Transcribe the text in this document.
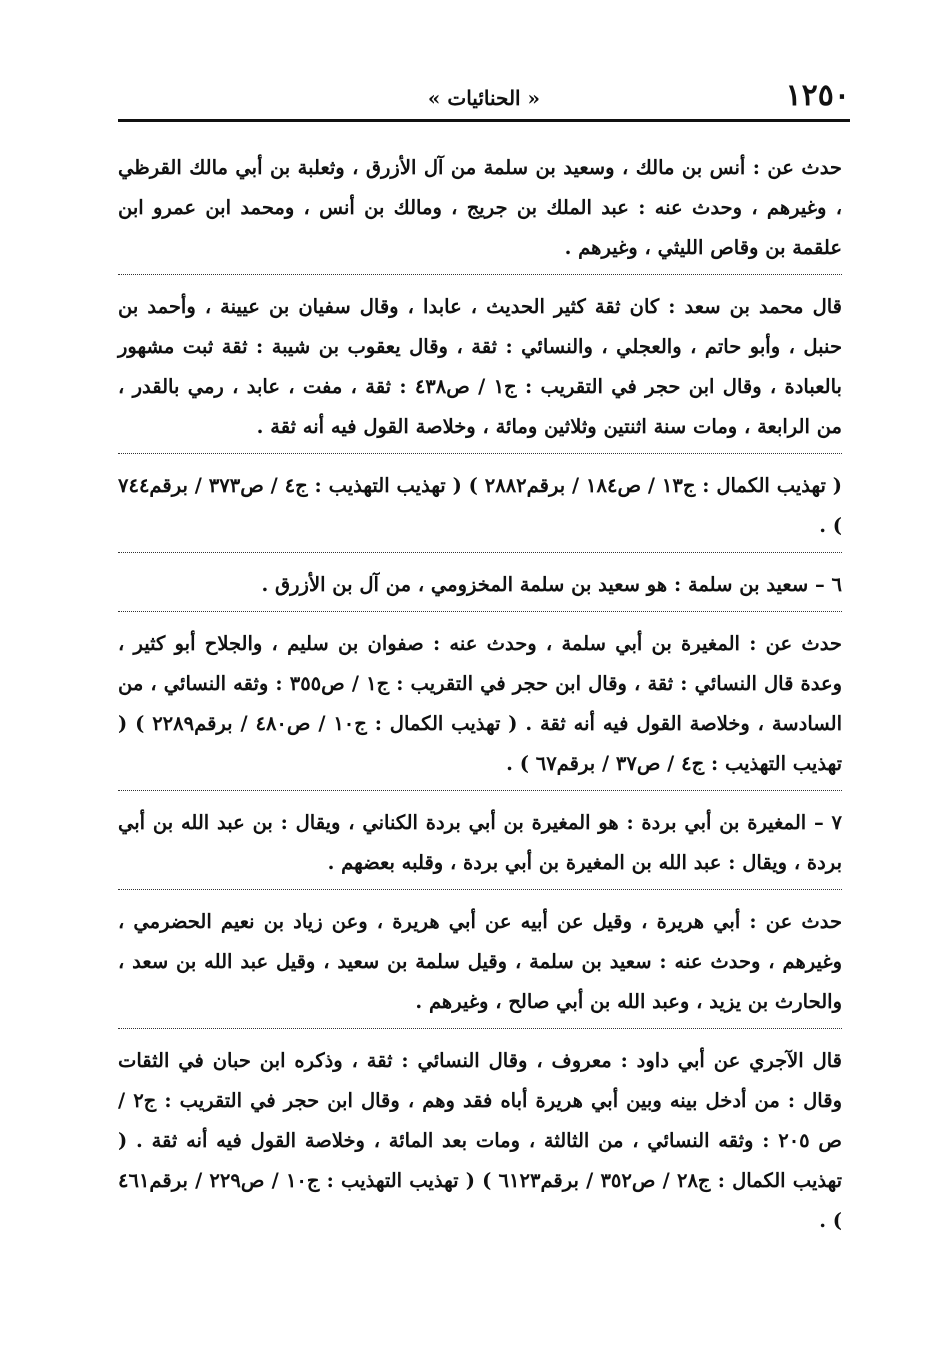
١٢٥٠
« الحنائيات »

حدث عن : أنس بن مالك ، وسعيد بن سلمة من آل الأزرق ، وثعلبة بن أبي مالك القرظي ، وغيرهم ، وحدث عنه : عبد الملك بن جريج ، ومالك بن أنس ، ومحمد ابن عمرو ابن علقمة بن وقاص الليثي ، وغيرهم .

قال محمد بن سعد : كان ثقة كثير الحديث ، عابدا ، وقال سفيان بن عيينة ، وأحمد بن حنبل ، وأبو حاتم ، والعجلي ، والنسائي : ثقة ، وقال يعقوب بن شيبة : ثقة ثبت مشهور بالعبادة ، وقال ابن حجر في التقريب : ج١ / ص٤٣٨ : ثقة ، مفت ، عابد ، رمي بالقدر ، من الرابعة ، ومات سنة اثنتين وثلاثين ومائة ، وخلاصة القول فيه أنه ثقة .

( تهذيب الكمال : ج١٣ / ص١٨٤ / برقم٢٨٨٢ ) ( تهذيب التهذيب : ج٤ / ص٣٧٣ / برقم٧٤٤ ) .

٦ – سعيد بن سلمة : هو سعيد بن سلمة المخزومي ، من آل بن الأزرق .

حدث عن : المغيرة بن أبي سلمة ، وحدث عنه : صفوان بن سليم ، والجلاح أبو كثير ، وعدة قال النسائي : ثقة ، وقال ابن حجر في التقريب : ج١ / ص٣٥٥ : وثقه النسائي ، من السادسة ، وخلاصة القول فيه أنه ثقة . ( تهذيب الكمال : ج١٠ / ص٤٨٠ / برقم٢٢٨٩ ) ( تهذيب التهذيب : ج٤ / ص٣٧ / برقم٦٧ ) .

٧ – المغيرة بن أبي بردة : هو المغيرة بن أبي بردة الكناني ، ويقال : بن عبد الله بن أبي بردة ، ويقال : عبد الله بن المغيرة بن أبي بردة ، وقلبه بعضهم .

حدث عن : أبي هريرة ، وقيل عن أبيه عن أبي هريرة ، وعن زياد بن نعيم الحضرمي ، وغيرهم ، وحدث عنه : سعيد بن سلمة ، وقيل سلمة بن سعيد ، وقيل عبد الله بن سعد ، والحارث بن يزيد ، وعبد الله بن أبي صالح ، وغيرهم .

قال الآجري عن أبي داود : معروف ، وقال النسائي : ثقة ، وذكره ابن حبان في الثقات وقال : من أدخل بينه وبين أبي هريرة أباه فقد وهم ، وقال ابن حجر في التقريب : ج٢ / ص ٢٠٥ : وثقه النسائي ، من الثالثة ، ومات بعد المائة ، وخلاصة القول فيه أنه ثقة . ( تهذيب الكمال : ج٢٨ / ص٣٥٢ / برقم٦١٢٣ ) ( تهذيب التهذيب : ج١٠ / ص٢٢٩ / برقم٤٦١ ) .
